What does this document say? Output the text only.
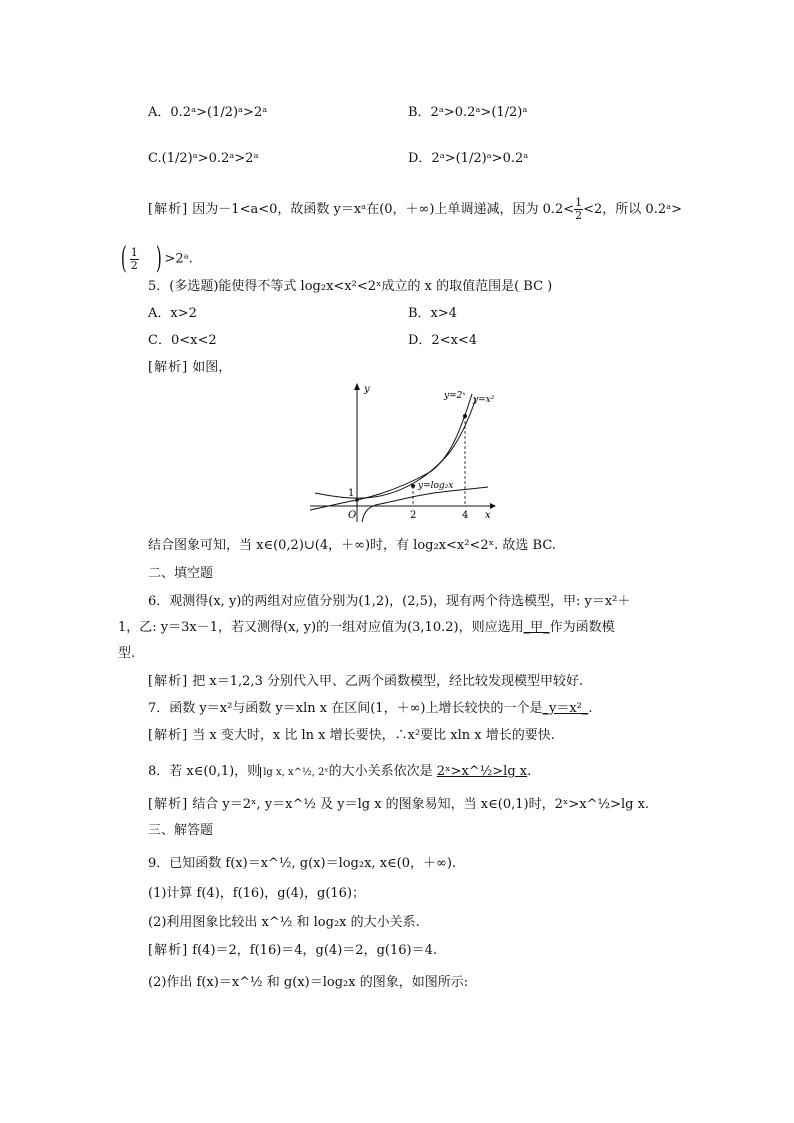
A．0.2ᵃ>(1/2)ᵃ>2ᵃ	B．2ᵃ>0.2ᵃ>(1/2)ᵃ
C.(1/2)ᵃ>0.2ᵃ>2ᵃ	D．2ᵃ>(1/2)ᵃ>0.2ᵃ
[解析] 因为－1<a<0，故函数 y＝xᵃ在(0，＋∞)上单调递减，因为 $0.2< \frac{1}{2} <2$，所以 0.2ᵃ>
( $\frac{1}{2}$ ) >2ᵃ.
5．(多选题)能使得不等式 log₂x<x²<2ˣ成立的 x 的取值范围是( BC )
A．x>2	B．x>4
C．0<x<2	D．2<x<4
[解析] 如图，
y
x
O
1
2	4
y=2ˣ y=x²
y=log₂x
结合图象可知，当 x∈(0,2)∪(4，＋∞)时，有 log₂x<x²<2ˣ. 故选 BC.
二、填空题
6．观测得(x, y)的两组对应值分别为(1,2)，(2,5)，现有两个待选模型，甲: y＝x²＋
1，乙: y＝3x－1，若又测得(x, y)的一组对应值为(3,10.2)，则应选用_甲_作为函数模
型.
[解析] 把 x＝1,2,3 分别代入甲、乙两个函数模型，经比较发现模型甲较好.
7．函数 y＝x²与函数 y＝xln x 在区间(1，＋∞)上增长较快的一个是_y＝x²_.
[解析] 当 x 变大时，x 比 ln x 增长要快，∴x²要比 xln x 增长的要快.
8．若 x∈(0,1)，则 lg x, x^½, 2ˣ的大小关系依次是 2ˣ>x^½>lg x.
[解析] 结合 y＝2ˣ, y＝x^½ 及 y＝lg x 的图象易知，当 x∈(0,1)时，2ˣ>x^½>lg x.
三、解答题
9．已知函数 f(x)＝x^½, g(x)＝log₂x, x∈(0，＋∞).
(1)计算 f(4)，f(16)，g(4)，g(16)；
(2)利用图象比较出 x^½ 和 log₂x 的大小关系.
[解析] f(4)＝2，f(16)＝4，g(4)＝2，g(16)＝4.
(2)作出 f(x)＝x^½ 和 g(x)＝log₂x 的图象，如图所示:
